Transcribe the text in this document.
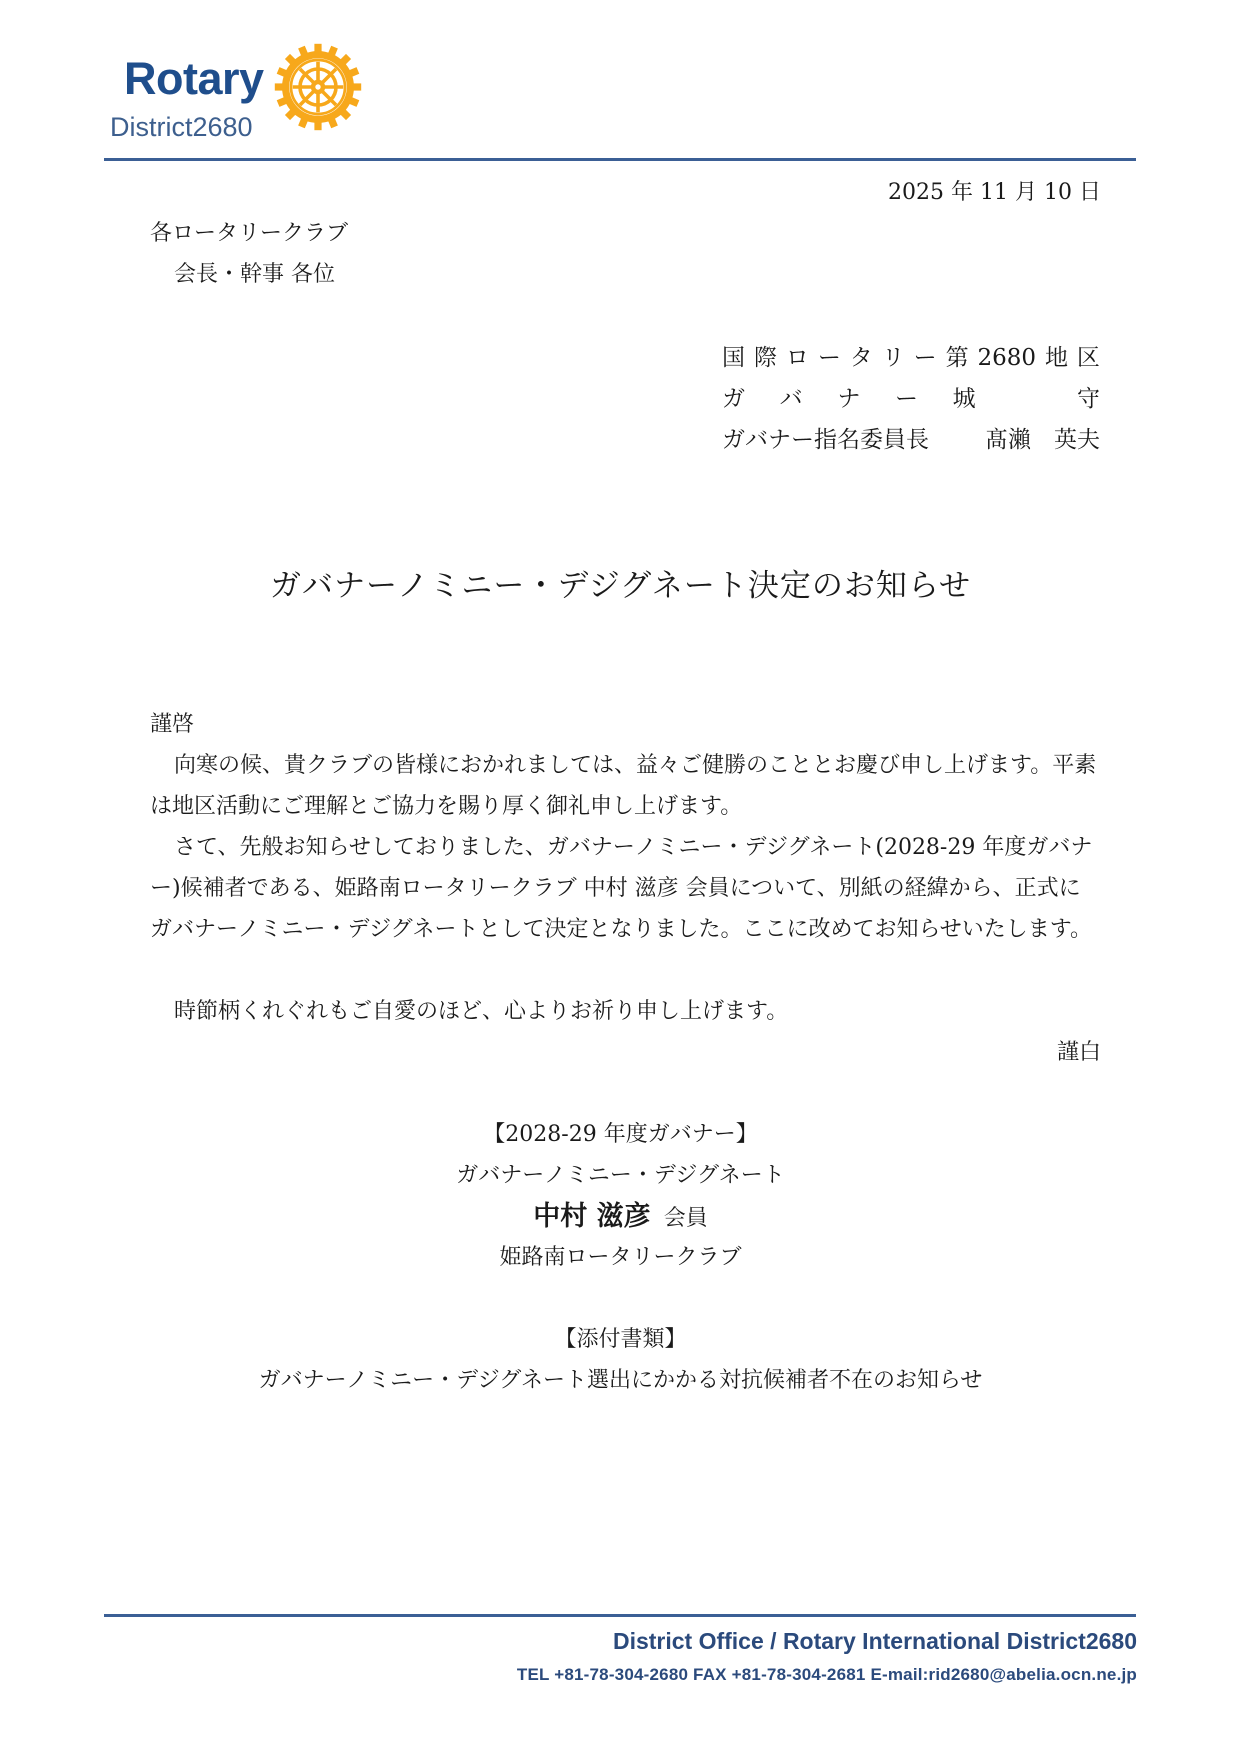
Rotary
District2680
2025 年 11 月 10 日
各ロータリークラブ
会長・幹事 各位
国 際 ロ ー タ リ ー 第 2680 地 区
ガ バ ナ ー 城	守
ガバナー指名委員長 髙瀨　英夫
ガバナーノミニー・デジグネート決定のお知らせ
謹啓
向寒の候、貴クラブの皆様におかれましては、益々ご健勝のこととお慶び申し上げます。平素は地区活動にご理解とご協力を賜り厚く御礼申し上げます。
さて、先般お知らせしておりました、ガバナーノミニー・デジグネート(2028-29 年度ガバナー)候補者である、姫路南ロータリークラブ 中村 滋彦 会員について、別紙の経緯から、正式にガバナーノミニー・デジグネートとして決定となりました。ここに改めてお知らせいたします。
時節柄くれぐれもご自愛のほど、心よりお祈り申し上げます。
謹白
【2028-29 年度ガバナー】
ガバナーノミニー・デジグネート
中村 滋彦 会員
姫路南ロータリークラブ
【添付書類】
ガバナーノミニー・デジグネート選出にかかる対抗候補者不在のお知らせ
District Office / Rotary International District2680
TEL +81-78-304-2680 FAX +81-78-304-2681 E-mail:rid2680@abelia.ocn.ne.jp
